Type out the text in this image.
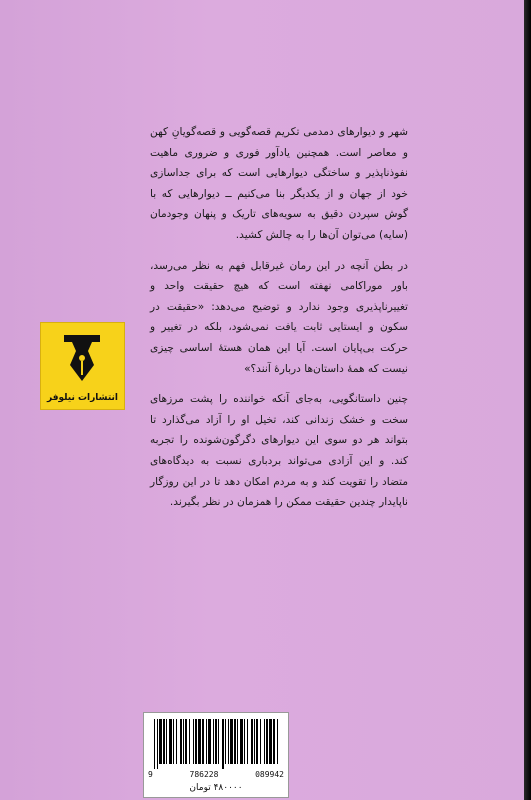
شهر و دیوارهای دمدمی تکریم قصه‌گویی و قصه‌گویانِ کهن و معاصر است. همچنین یادآور فوری و ضروری ماهیت نفوذناپذیر و ساختگی دیوارهایی است که برای جداسازی خود از جهان و از یکدیگر بنا می‌کنیم ــ دیوارهایی که با گوش سپردن دقیق به سویه‌های تاریک و پنهان وجودمان (سایه) می‌توان آن‌ها را به چالش کشید.

در بطن آنچه در این رمان غیرقابل فهم به نظر می‌رسد، باور موراکامی نهفته است که هیچ حقیقت واحد و تغییرناپذیری وجود ندارد و توضیح می‌دهد: «حقیقت در سکون و ایستایی ثابت یافت نمی‌شود، بلکه در تغییر و حرکت بی‌پایان است. آیا این همان هستهٔ اساسی چیزی نیست که همهٔ داستان‌ها دربارهٔ آنند؟»

چنین داستانگویی، به‌جای آنکه خواننده را پشت مرزهای سخت و خشک زندانی کند، تخیل او را آزاد می‌گذارد تا بتواند هر دو سوی این دیوارهای دگرگون‌شونده را تجربه کند. و این آزادی می‌تواند بردباری نسبت به دیدگاه‌های متضاد را تقویت کند و به مردم امکان دهد تا در این روزگار ناپایدار چندین حقیقت ممکن را همزمان در نظر بگیرند.

انتشارات نیلوفر
9	786228	089942
۴۸۰۰۰۰ تومان
